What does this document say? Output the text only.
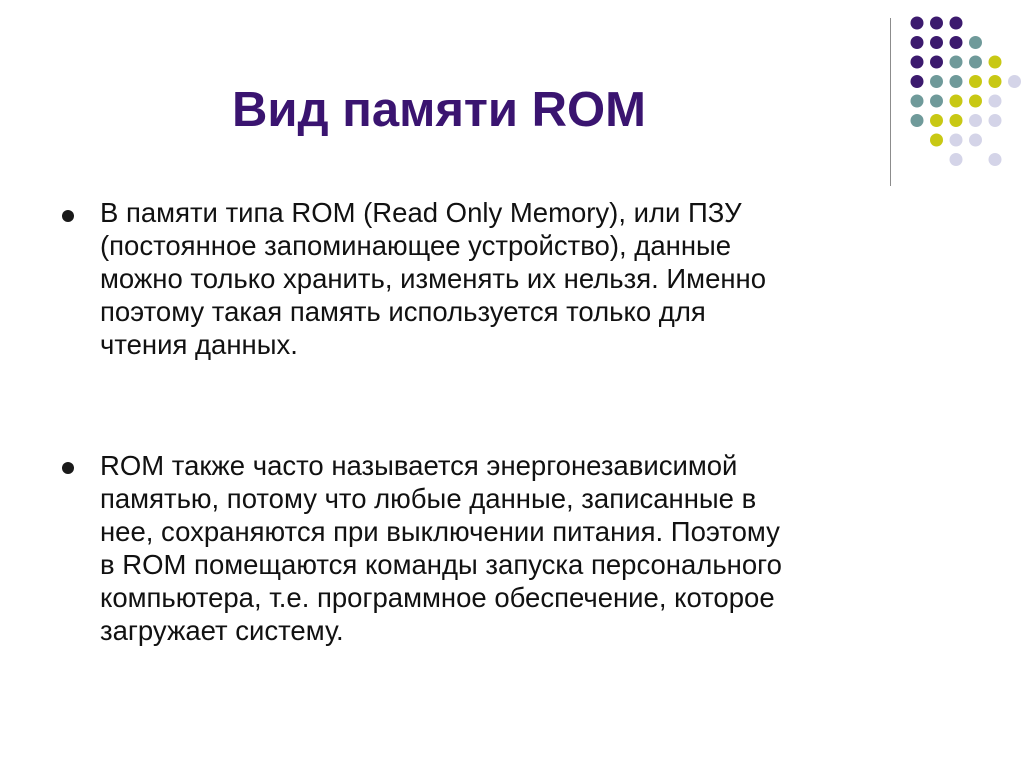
Вид памяти ROM
В памяти типа ROM (Read Only Memory), или ПЗУ
(постоянное запоминающее устройство), данные
можно только хранить, изменять их нельзя. Именно
поэтому такая память используется только для
чтения данных.
ROM также часто называется энергонезависимой
памятью, потому что любые данные, записанные в
нее, сохраняются при выключении питания. Поэтому
в ROM помещаются команды запуска персонального
компьютера, т.е. программное обеспечение, которое
загружает систему.
